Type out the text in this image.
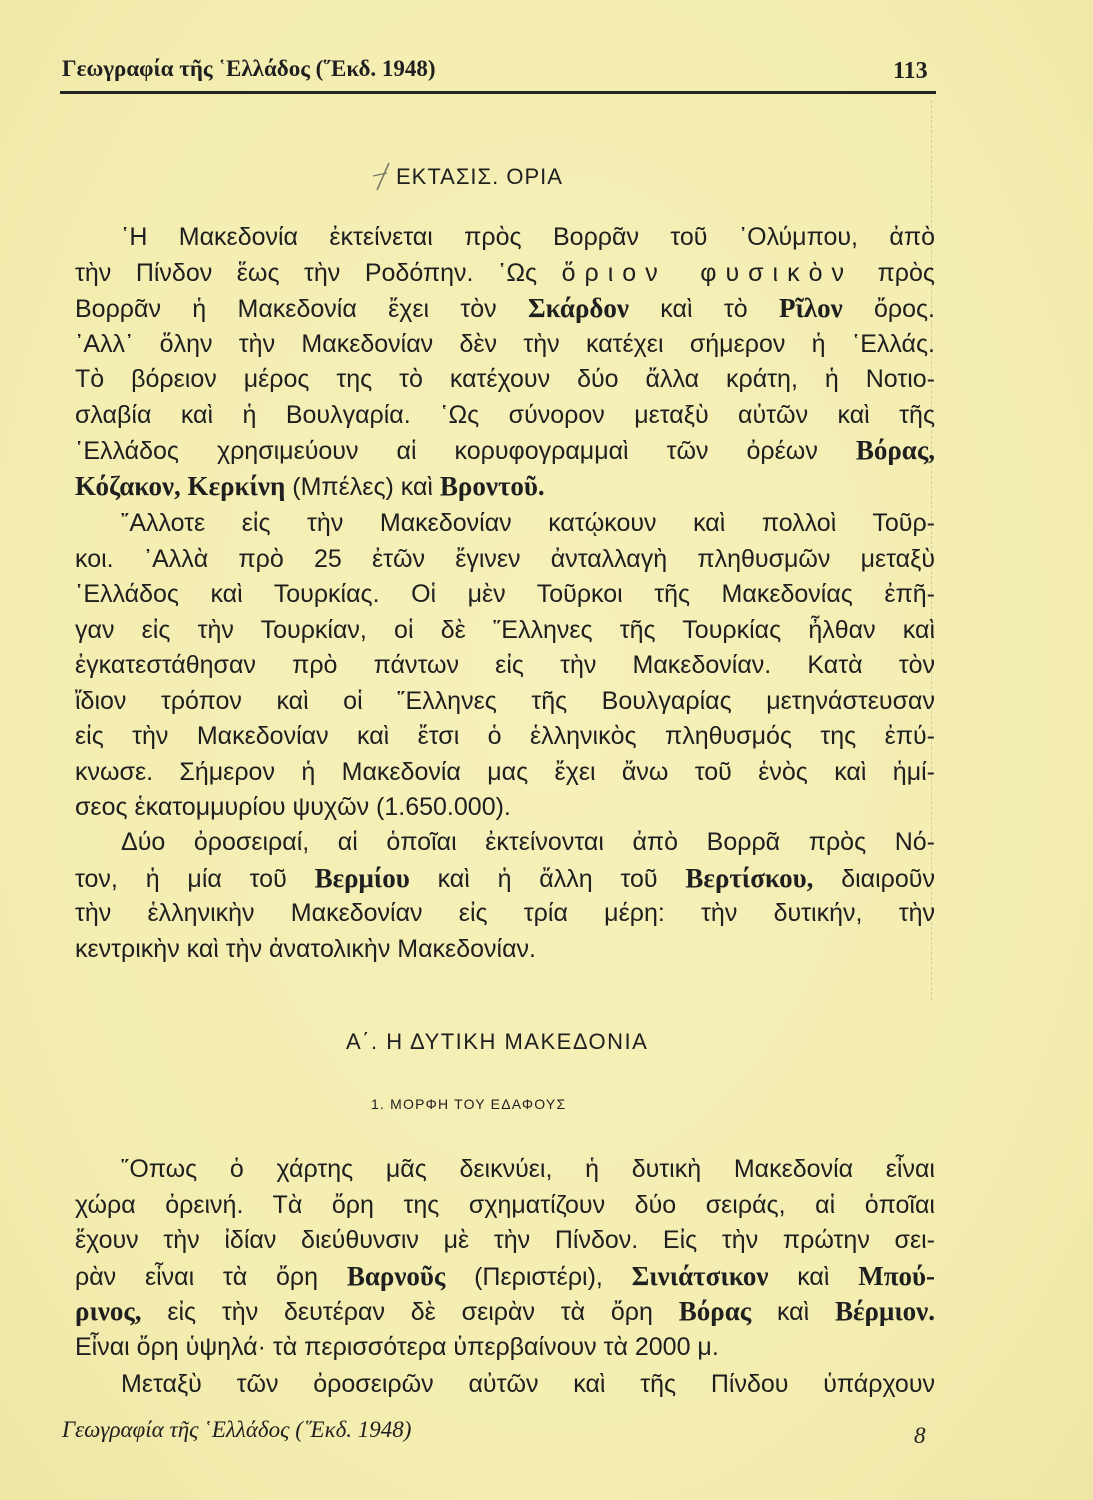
Γεωγραφία τῆς ῾Ελλάδος (῞Εκδ. 1948)	113
ΕΚΤΑΣΙΣ. ΟΡΙΑ
῾Η Μακεδονία ἐκτείνεται πρὸς Βορρᾶν τοῦ ᾿Ολύμπου, ἀπὸ
τὴν Πίνδον ἕως τὴν Ροδόπην. ῾Ως ὅριον φυσικὸν πρὸς
Βορρᾶν ἡ Μακεδονία ἔχει τὸν Σκάρδον καὶ τὸ Ρῖλον ὄρος.
᾿Αλλ᾿ ὅλην τὴν Μακεδονίαν δὲν τὴν κατέχει σήμερον ἡ ῾Ελλάς.
Τὸ βόρειον μέρος της τὸ κατέχουν δύο ἄλλα κράτη, ἡ Νοτιο-
σλαβία καὶ ἡ Βουλγαρία. ῾Ως σύνορον μεταξὺ αὐτῶν καὶ τῆς
῾Ελλάδος χρησιμεύουν αἱ κορυφογραμμαὶ τῶν ὀρέων Βόρας,
Κόζακον, Κερκίνη (Μπέλες) καὶ Βροντοῦ.
῎Αλλοτε εἰς τὴν Μακεδονίαν κατῴκουν καὶ πολλοὶ Τοῦρ-
κοι. ᾿Αλλὰ πρὸ 25 ἐτῶν ἔγινεν ἀνταλλαγὴ πληθυσμῶν μεταξὺ
῾Ελλάδος καὶ Τουρκίας. Οἱ μὲν Τοῦρκοι τῆς Μακεδονίας ἐπῆ-
γαν εἰς τὴν Τουρκίαν, οἱ δὲ ῞Ελληνες τῆς Τουρκίας ἦλθαν καὶ
ἐγκατεστάθησαν πρὸ πάντων εἰς τὴν Μακεδονίαν. Κατὰ τὸν
ἴδιον τρόπον καὶ οἱ ῞Ελληνες τῆς Βουλγαρίας μετηνάστευσαν
εἰς τὴν Μακεδονίαν καὶ ἔτσι ὁ ἑλληνικὸς πληθυσμός της ἐπύ-
κνωσε. Σήμερον ἡ Μακεδονία μας ἔχει ἄνω τοῦ ἑνὸς καὶ ἡμί-
σεος ἑκατομμυρίου ψυχῶν (1.650.000).
Δύο ὀροσειραί, αἱ ὁποῖαι ἐκτείνονται ἀπὸ Βορρᾶ πρὸς Νό-
τον, ἡ μία τοῦ Βερμίου καὶ ἡ ἄλλη τοῦ Βερτίσκου, διαιροῦν
τὴν ἑλληνικὴν Μακεδονίαν εἰς τρία μέρη: τὴν δυτικήν, τὴν
κεντρικὴν καὶ τὴν ἀνατολικὴν Μακεδονίαν.
Α΄. Η ΔΥΤΙΚΗ ΜΑΚΕΔΟΝΙΑ
1. ΜΟΡΦΗ ΤΟΥ ΕΔΑΦΟΥΣ
῞Οπως ὁ χάρτης μᾶς δεικνύει, ἡ δυτικὴ Μακεδονία εἶναι
χώρα ὀρεινή. Τὰ ὄρη της σχηματίζουν δύο σειράς, αἱ ὁποῖαι
ἔχουν τὴν ἰδίαν διεύθυνσιν μὲ τὴν Πίνδον. Εἰς τὴν πρώτην σει-
ρὰν εἶναι τὰ ὄρη Βαρνοῦς (Περιστέρι), Σινιάτσικον καὶ Μπού-
ρινος, εἰς τὴν δευτέραν δὲ σειρὰν τὰ ὄρη Βόρας καὶ Βέρμιον.
Εἶναι ὄρη ὑψηλά· τὰ περισσότερα ὑπερβαίνουν τὰ 2000 μ.
Μεταξὺ τῶν ὀροσειρῶν αὐτῶν καὶ τῆς Πίνδου ὑπάρχουν
Γεωγραφία τῆς ῾Ελλάδος (῞Εκδ. 1948)	8
